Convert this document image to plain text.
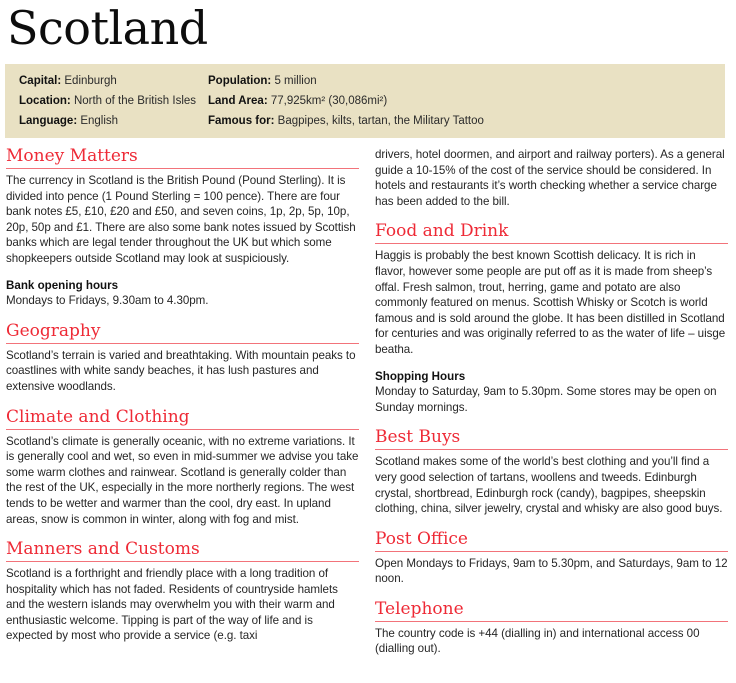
Scotland
Capital: Edinburgh	Population: 5 million
Location: North of the British Isles	Land Area: 77,925km² (30,086mi²)
Language: English	Famous for: Bagpipes, kilts, tartan, the Military Tattoo
Money Matters

The currency in Scotland is the British Pound (Pound Sterling). It is divided into pence (1 Pound Sterling = 100 pence). There are four bank notes £5, £10, £20 and £50, and seven coins, 1p, 2p, 5p, 10p, 20p, 50p and £1. There are also some bank notes issued by Scottish banks which are legal tender throughout the UK but which some shopkeepers outside Scotland may look at suspiciously.

Bank opening hours

Mondays to Fridays, 9.30am to 4.30pm.

Geography

Scotland’s terrain is varied and breathtaking. With mountain peaks to coastlines with white sandy beaches, it has lush pastures and extensive woodlands.

Climate and Clothing

Scotland’s climate is generally oceanic, with no extreme variations. It is generally cool and wet, so even in mid-summer we advise you take some warm clothes and rainwear. Scotland is generally colder than the rest of the UK, especially in the more northerly regions. The west tends to be wetter and warmer than the cool, dry east. In upland areas, snow is common in winter, along with fog and mist.

Manners and Customs

Scotland is a forthright and friendly place with a long tradition of hospitality which has not faded. Residents of countryside hamlets and the western islands may overwhelm you with their warm and enthusiastic welcome. Tipping is part of the way of life and is expected by most who provide a service (e.g. taxi

drivers, hotel doormen, and airport and railway porters). As a general guide a 10-15% of the cost of the service should be considered. In hotels and restaurants it’s worth checking whether a service charge has been added to the bill.

Food and Drink

Haggis is probably the best known Scottish delicacy. It is rich in flavor, however some people are put off as it is made from sheep’s offal. Fresh salmon, trout, herring, game and potato are also commonly featured on menus. Scottish Whisky or Scotch is world famous and is sold around the globe. It has been distilled in Scotland for centuries and was originally referred to as the water of life – uisge beatha.

Shopping Hours

Monday to Saturday, 9am to 5.30pm. Some stores may be open on Sunday mornings.

Best Buys

Scotland makes some of the world’s best clothing and you’ll find a very good selection of tartans, woollens and tweeds. Edinburgh crystal, shortbread, Edinburgh rock (candy), bagpipes, sheepskin clothing, china, silver jewelry, crystal and whisky are also good buys.

Post Office

Open Mondays to Fridays, 9am to 5.30pm, and Saturdays, 9am to 12 noon.

Telephone

The country code is +44 (dialling in) and international access 00 (dialling out).
